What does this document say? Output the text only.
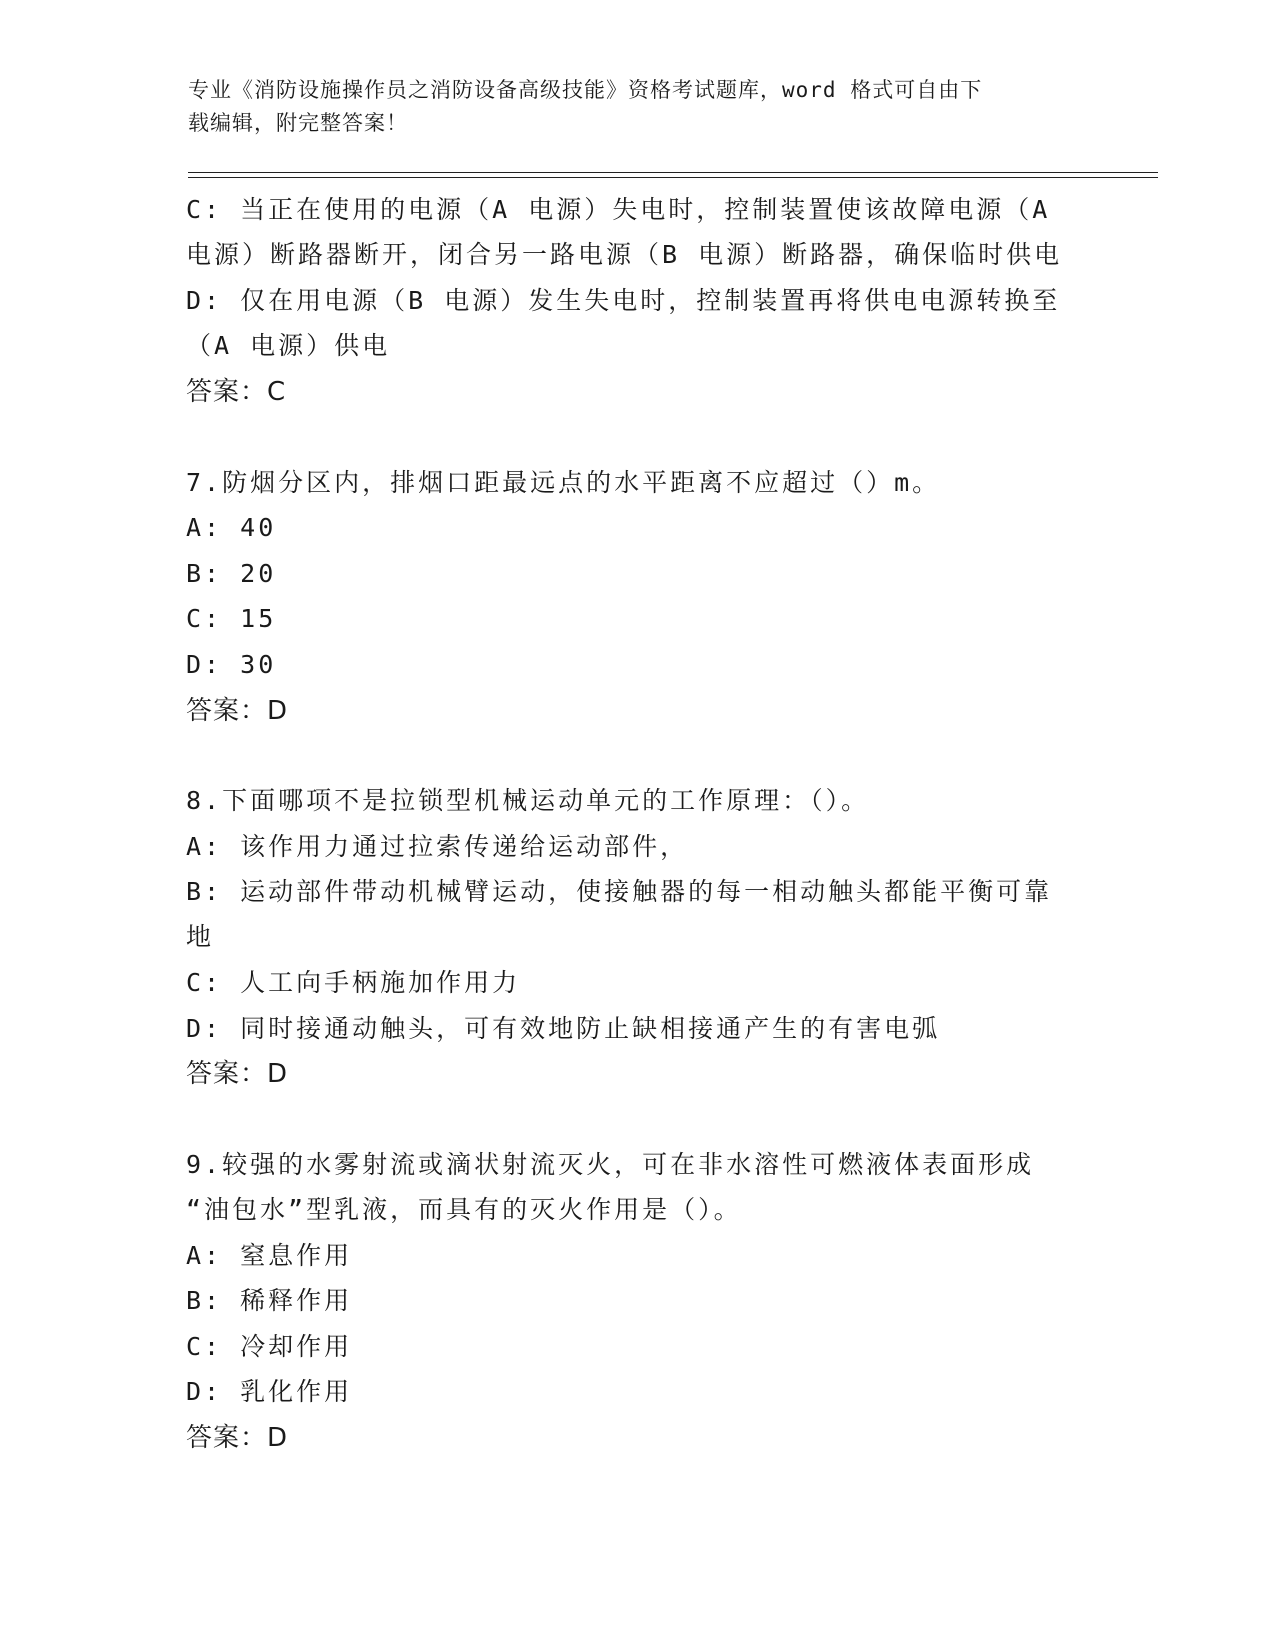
专业《消防设施操作员之消防设备高级技能》资格考试题库，word 格式可自由下
载编辑，附完整答案！
C: 当正在使用的电源（A 电源）失电时，控制装置使该故障电源（A
电源）断路器断开，闭合另一路电源（B 电源）断路器，确保临时供电
D: 仅在用电源（B 电源）发生失电时，控制装置再将供电电源转换至
（A 电源）供电
答案：C
7.防烟分区内，排烟口距最远点的水平距离不应超过（）m。
A: 40
B: 20
C: 15
D: 30
答案：D
8.下面哪项不是拉锁型机械运动单元的工作原理：（）。
A: 该作用力通过拉索传递给运动部件，
B: 运动部件带动机械臂运动，使接触器的每一相动触头都能平衡可靠
地
C: 人工向手柄施加作用力
D: 同时接通动触头，可有效地防止缺相接通产生的有害电弧
答案：D
9.较强的水雾射流或滴状射流灭火，可在非水溶性可燃液体表面形成
“油包水”型乳液，而具有的灭火作用是（）。
A: 窒息作用
B: 稀释作用
C: 冷却作用
D: 乳化作用
答案：D
